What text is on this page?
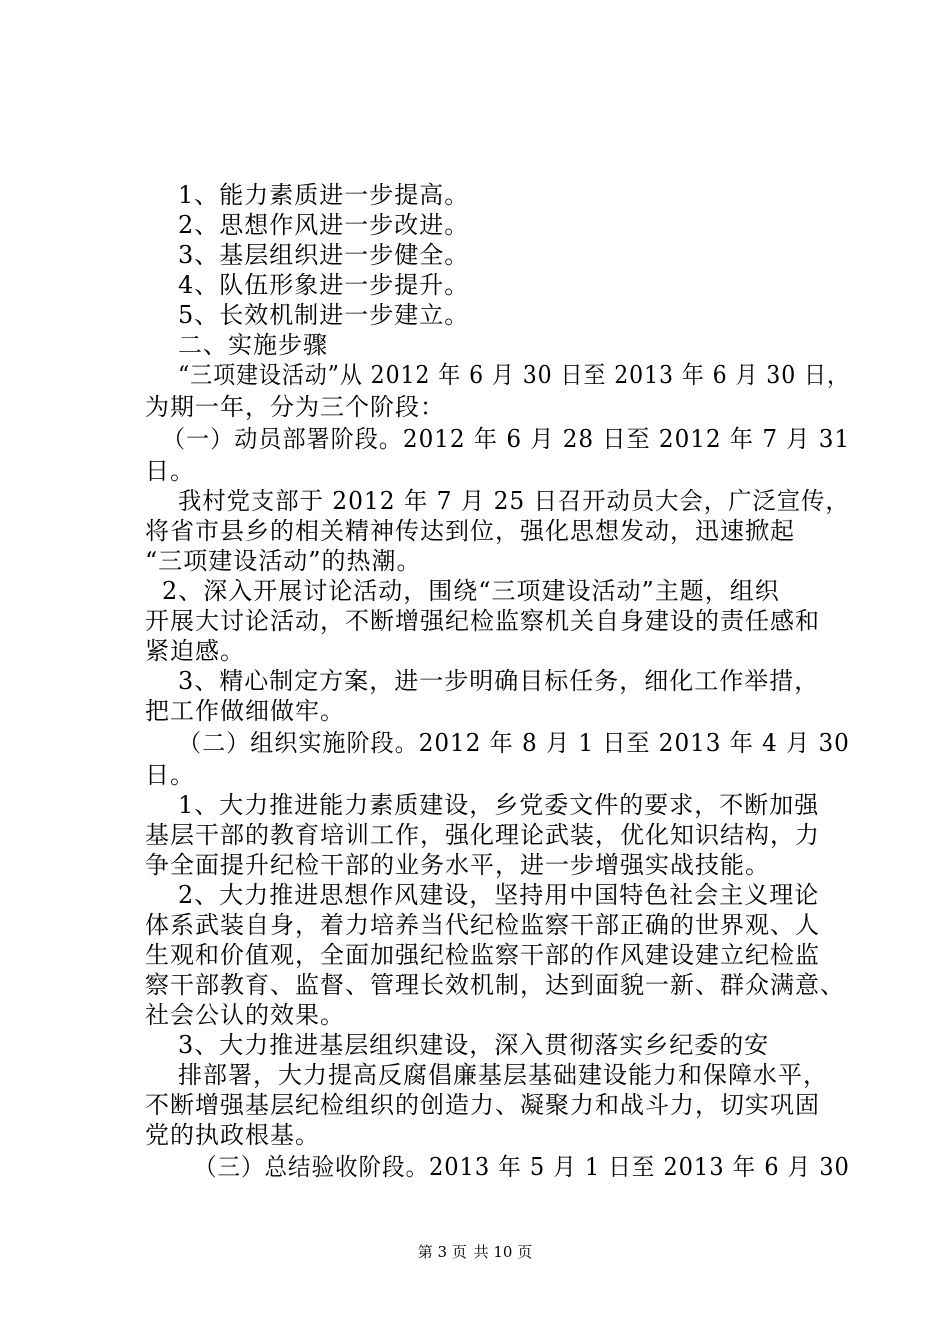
1、能力素质进一步提高。
2、思想作风进一步改进。
3、基层组织进一步健全。
4、队伍形象进一步提升。
5、长效机制进一步建立。
二、实施步骤
“三项建设活动”从 2012 年 6 月 30 日至 2013 年 6 月 30 日，
为期一年，分为三个阶段：
（一）动员部署阶段。2012 年 6 月 28 日至 2012 年 7 月 31
日。
我村党支部于 2012 年 7 月 25 日召开动员大会，广泛宣传，
将省市县乡的相关精神传达到位，强化思想发动，迅速掀起
“三项建设活动”的热潮。
2、深入开展讨论活动，围绕“三项建设活动”主题，组织
开展大讨论活动，不断增强纪检监察机关自身建设的责任感和
紧迫感。
3、精心制定方案，进一步明确目标任务，细化工作举措，
把工作做细做牢。
（二）组织实施阶段。2012 年 8 月 1 日至 2013 年 4 月 30
日。
1、大力推进能力素质建设，乡党委文件的要求，不断加强
基层干部的教育培训工作，强化理论武装，优化知识结构，力
争全面提升纪检干部的业务水平，进一步增强实战技能。
2、大力推进思想作风建设，坚持用中国特色社会主义理论
体系武装自身，着力培养当代纪检监察干部正确的世界观、人
生观和价值观，全面加强纪检监察干部的作风建设建立纪检监
察干部教育、监督、管理长效机制，达到面貌一新、群众满意、
社会公认的效果。
3、大力推进基层组织建设，深入贯彻落实乡纪委的安
排部署，大力提高反腐倡廉基层基础建设能力和保障水平，
不断增强基层纪检组织的创造力、凝聚力和战斗力，切实巩固
党的执政根基。
（三）总结验收阶段。2013 年 5 月 1 日至 2013 年 6 月 30
第 3 页 共 10 页
